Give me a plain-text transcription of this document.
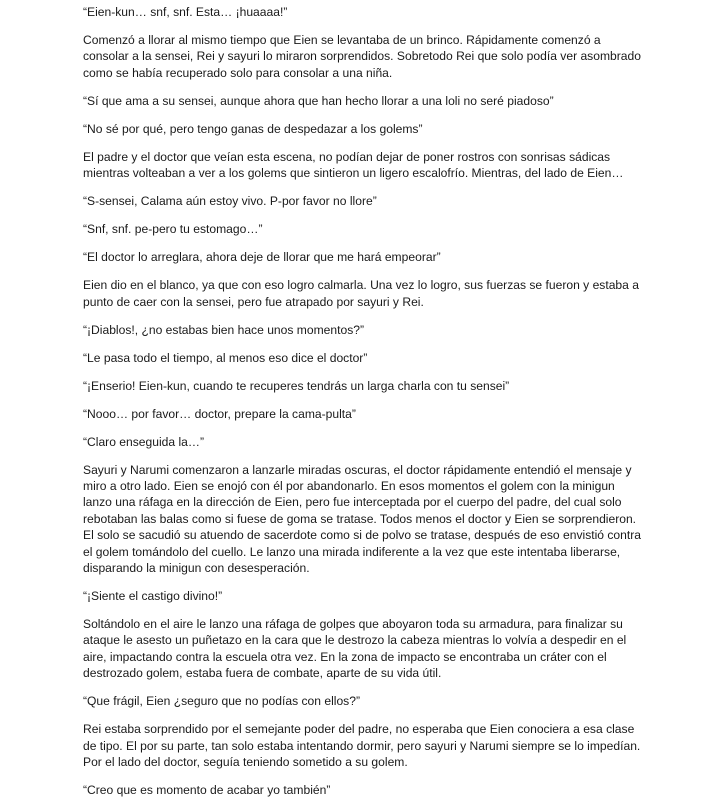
“Eien-kun… snf, snf. Esta… ¡huaaaa!”

Comenzó a llorar al mismo tiempo que Eien se levantaba de un brinco. Rápidamente comenzó a consolar a la sensei, Rei y sayuri lo miraron sorprendidos. Sobretodo Rei que solo podía ver asombrado como se había recuperado solo para consolar a una niña.

“Sí que ama a su sensei, aunque ahora que han hecho llorar a una loli no seré piadoso”

“No sé por qué, pero tengo ganas de despedazar a los golems”

El padre y el doctor que veían esta escena, no podían dejar de poner rostros con sonrisas sádicas mientras volteaban a ver a los golems que sintieron un ligero escalofrío. Mientras, del lado de Eien…

“S-sensei, Calama aún estoy vivo. P-por favor no llore”

“Snf, snf. pe-pero tu estomago…”

“El doctor lo arreglara, ahora deje de llorar que me hará empeorar”

Eien dio en el blanco, ya que con eso logro calmarla. Una vez lo logro, sus fuerzas se fueron y estaba a punto de caer con la sensei, pero fue atrapado por sayuri y Rei.

“¡Diablos!, ¿no estabas bien hace unos momentos?”

“Le pasa todo el tiempo, al menos eso dice el doctor”

“¡Enserio! Eien-kun, cuando te recuperes tendrás un larga charla con tu sensei”

“Nooo… por favor… doctor, prepare la cama-pulta”

“Claro enseguida la…”

Sayuri y Narumi comenzaron a lanzarle miradas oscuras, el doctor rápidamente entendió el mensaje y miro a otro lado. Eien se enojó con él por abandonarlo. En esos momentos el golem con la minigun lanzo una ráfaga en la dirección de Eien, pero fue interceptada por el cuerpo del padre, del cual solo rebotaban las balas como si fuese de goma se tratase. Todos menos el doctor y Eien se sorprendieron. El solo se sacudió su atuendo de sacerdote como si de polvo se tratase, después de eso envistió contra el golem tomándolo del cuello. Le lanzo una mirada indiferente a la vez que este intentaba liberarse, disparando la minigun con desesperación.

“¡Siente el castigo divino!”

Soltándolo en el aire le lanzo una ráfaga de golpes que aboyaron toda su armadura, para finalizar su ataque le asesto un puñetazo en la cara que le destrozo la cabeza mientras lo volvía a despedir en el aire, impactando contra la escuela otra vez. En la zona de impacto se encontraba un cráter con el destrozado golem, estaba fuera de combate, aparte de su vida útil.

“Que frágil, Eien ¿seguro que no podías con ellos?”

Rei estaba sorprendido por el semejante poder del padre, no esperaba que Eien conociera a esa clase de tipo. El por su parte, tan solo estaba intentando dormir, pero sayuri y Narumi siempre se lo impedían. Por el lado del doctor, seguía teniendo sometido a su golem.

“Creo que es momento de acabar yo también”
